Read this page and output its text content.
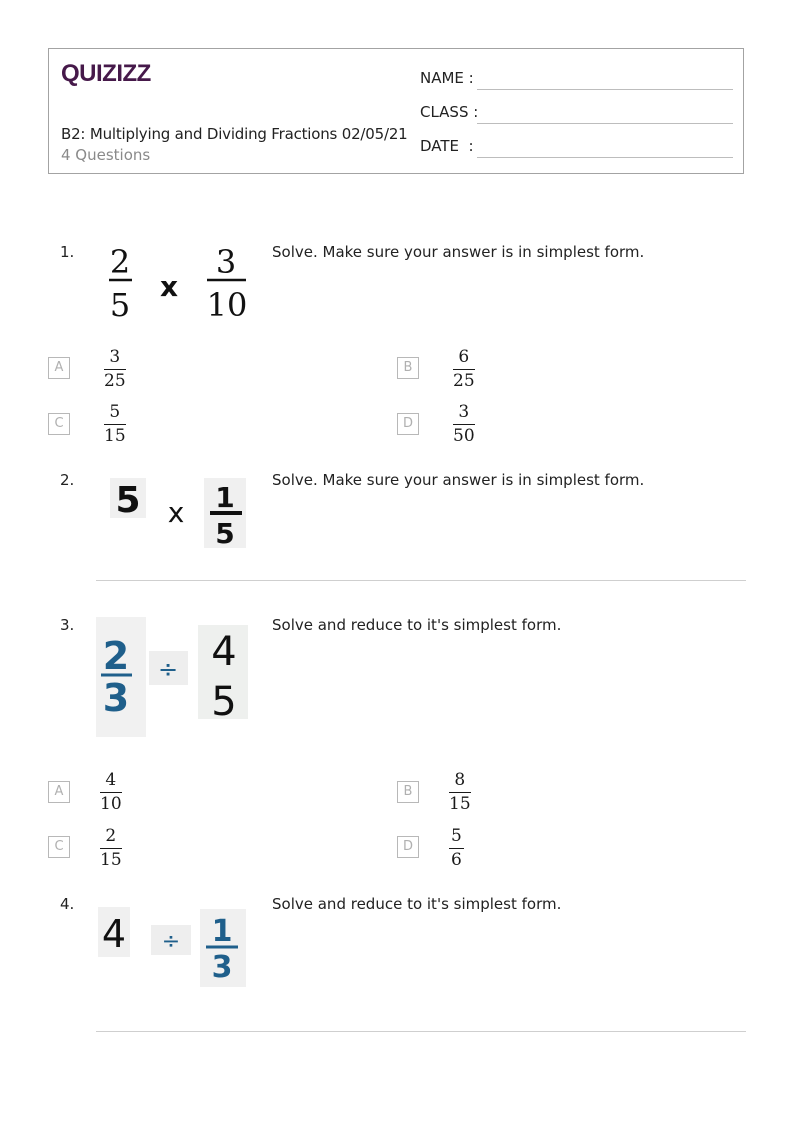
QUIZIZZ
B2: Multiplying and Dividing Fractions 02/05/21
4 Questions
NAME :
CLASS :
DATE  :
1. 2
5 x
3
10
Solve. Make sure your answer is in simplest form.
A
3
25
B
6
25
C
5
15
D
3
50
2. 5 x 1
5
Solve. Make sure your answer is in simplest form.
3.
2
3
÷ 4
5
Solve and reduce to it's simplest form.
A
4
10
B
8
15
C
2
15
D
5
6
4.
4 ÷ 1
3
Solve and reduce to it's simplest form.
